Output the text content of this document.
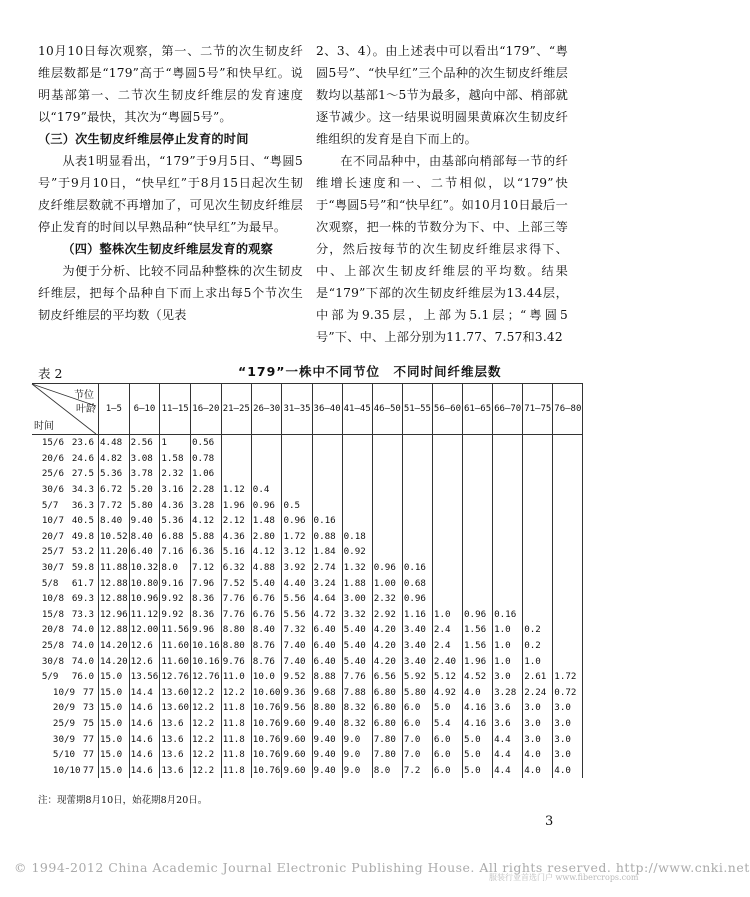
10月10日每次观察，第一、二节的次生韧皮纤维层数都是“179”高于“粤圆5号”和快早红。说明基部第一、二节次生韧皮纤维层的发育速度以“179”最快，其次为“粤圆5号”。

（三）次生韧皮纤维层停止发育的时间

从表1明显看出，“179”于9月5日、“粤圆5号”于9月10日，“快早红”于8月15日起次生韧皮纤维层数就不再增加了，可见次生韧皮纤维层停止发育的时间以早熟品种“快早红”为最早。

（四）整株次生韧皮纤维层发育的观察

为便于分析、比较不同品种整株的次生韧皮纤维层，把每个品种自下而上求出每5个节次生韧皮纤维层的平均数（见表

2、3、4）。由上述表中可以看出“179”、“粤圆5号”、“快早红”三个品种的次生韧皮纤维层数均以基部1～5节为最多，越向中部、梢部就逐节减少。这一结果说明圆果黄麻次生韧皮纤维组织的发育是自下而上的。

在不同品种中，由基部向梢部每一节的纤维增长速度和一、二节相似，以“179”快于“粤圆5号”和“快早红”。如10月10日最后一次观察，把一株的节数分为下、中、上部三等分，然后按每节的次生韧皮纤维层求得下、中、上部次生韧皮纤维层的平均数。结果是“179”下部的次生韧皮纤维层为13.44层，中部为9.35层，上部为5.1层；“粤圆5号”下、中、上部分别为11.77、7.57和3.42

表 2	“179”一株中不同节位　不同时间纤维层数
节位
叶龄
时间	1—5	6—10	11—15	16—20	21—25	26—30	31—35	36—40	41—45	46—50	51—55	56—60	61—65	66—70	71—75	76—80
15/6 23.6	4.48	2.56	1	0.56												
20/6 24.6	4.82	3.08	1.58	0.78												
25/6 27.5	5.36	3.78	2.32	1.06												
30/6 34.3	6.72	5.20	3.16	2.28	1.12	0.4										
5/7 36.3	7.72	5.80	4.36	3.28	1.96	0.96	0.5									
10/7 40.5	8.40	9.40	5.36	4.12	2.12	1.48	0.96	0.16								
20/7 49.8	10.52	8.40	6.88	5.88	4.36	2.80	1.72	0.88	0.18							
25/7 53.2	11.20	6.40	7.16	6.36	5.16	4.12	3.12	1.84	0.92							
30/7 59.8	11.88	10.32	8.0	7.12	6.32	4.88	3.92	2.74	1.32	0.96	0.16					
5/8 61.7	12.88	10.80	9.16	7.96	7.52	5.40	4.40	3.24	1.88	1.00	0.68					
10/8 69.3	12.88	10.96	9.92	8.36	7.76	6.76	5.56	4.64	3.00	2.32	0.96					
15/8 73.3	12.96	11.12	9.92	8.36	7.76	6.76	5.56	4.72	3.32	2.92	1.16	1.0	0.96	0.16		
20/8 74.0	12.88	12.00	11.56	9.96	8.80	8.40	7.32	6.40	5.40	4.20	3.40	2.4	1.56	1.0	0.2	
25/8 74.0	14.20	12.6	11.60	10.16	8.80	8.76	7.40	6.40	5.40	4.20	3.40	2.4	1.56	1.0	0.2	
30/8 74.0	14.20	12.6	11.60	10.16	9.76	8.76	7.40	6.40	5.40	4.20	3.40	2.40	1.96	1.0	1.0	
5/9 76.0	15.0	13.56	12.76	12.76	11.0	10.0	9.52	8.88	7.76	6.56	5.92	5.12	4.52	3.0	2.61	1.72
10/9 77	15.0	14.4	13.60	12.2	12.2	10.60	9.36	9.68	7.88	6.80	5.80	4.92	4.0	3.28	2.24	0.72
20/9 73	15.0	14.6	13.60	12.2	11.8	10.76	9.56	8.80	8.32	6.80	6.0	5.0	4.16	3.6	3.0	3.0
25/9 75	15.0	14.6	13.6	12.2	11.8	10.76	9.60	9.40	8.32	6.80	6.0	5.4	4.16	3.6	3.0	3.0
30/9 77	15.0	14.6	13.6	12.2	11.8	10.76	9.60	9.40	9.0	7.80	7.0	6.0	5.0	4.4	3.0	3.0
5/10 77	15.0	14.6	13.6	12.2	11.8	10.76	9.60	9.40	9.0	7.80	7.0	6.0	5.0	4.4	4.0	3.0
10/10 77	15.0	14.6	13.6	12.2	11.8	10.76	9.60	9.40	9.0	8.0	7.2	6.0	5.0	4.4	4.0	4.0
注：现蕾期8月10日，始花期8月20日。
3
© 1994-2012 China Academic Journal Electronic Publishing House. All rights reserved. http://www.cnki.net
服装行业首选门户 www.fibercrops.com
